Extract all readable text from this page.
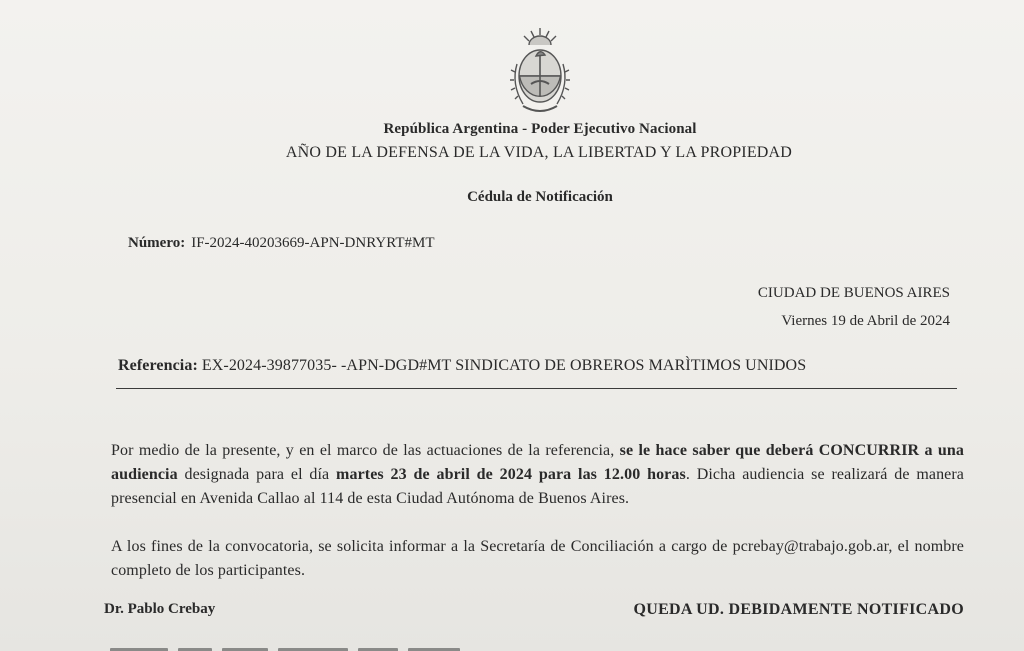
República Argentina - Poder Ejecutivo Nacional
AÑO DE LA DEFENSA DE LA VIDA, LA LIBERTAD Y LA PROPIEDAD
Cédula de Notificación
Número: IF-2024-40203669-APN-DNRYRT#MT
CIUDAD DE BUENOS AIRES
Viernes 19 de Abril de 2024
Referencia: EX-2024-39877035- -APN-DGD#MT SINDICATO DE OBREROS MARÌTIMOS UNIDOS
Por medio de la presente, y en el marco de las actuaciones de la referencia, se le hace saber que deberá CONCURRIR a una audiencia designada para el día martes 23 de abril de 2024 para las 12.00 horas. Dicha audiencia se realizará de manera presencial en Avenida Callao al 114 de esta Ciudad Autónoma de Buenos Aires.
A los fines de la convocatoria, se solicita informar a la Secretaría de Conciliación a cargo de pcrebay@trabajo.gob.ar, el nombre completo de los participantes.
Dr. Pablo Crebay	QUEDA UD. DEBIDAMENTE NOTIFICADO
